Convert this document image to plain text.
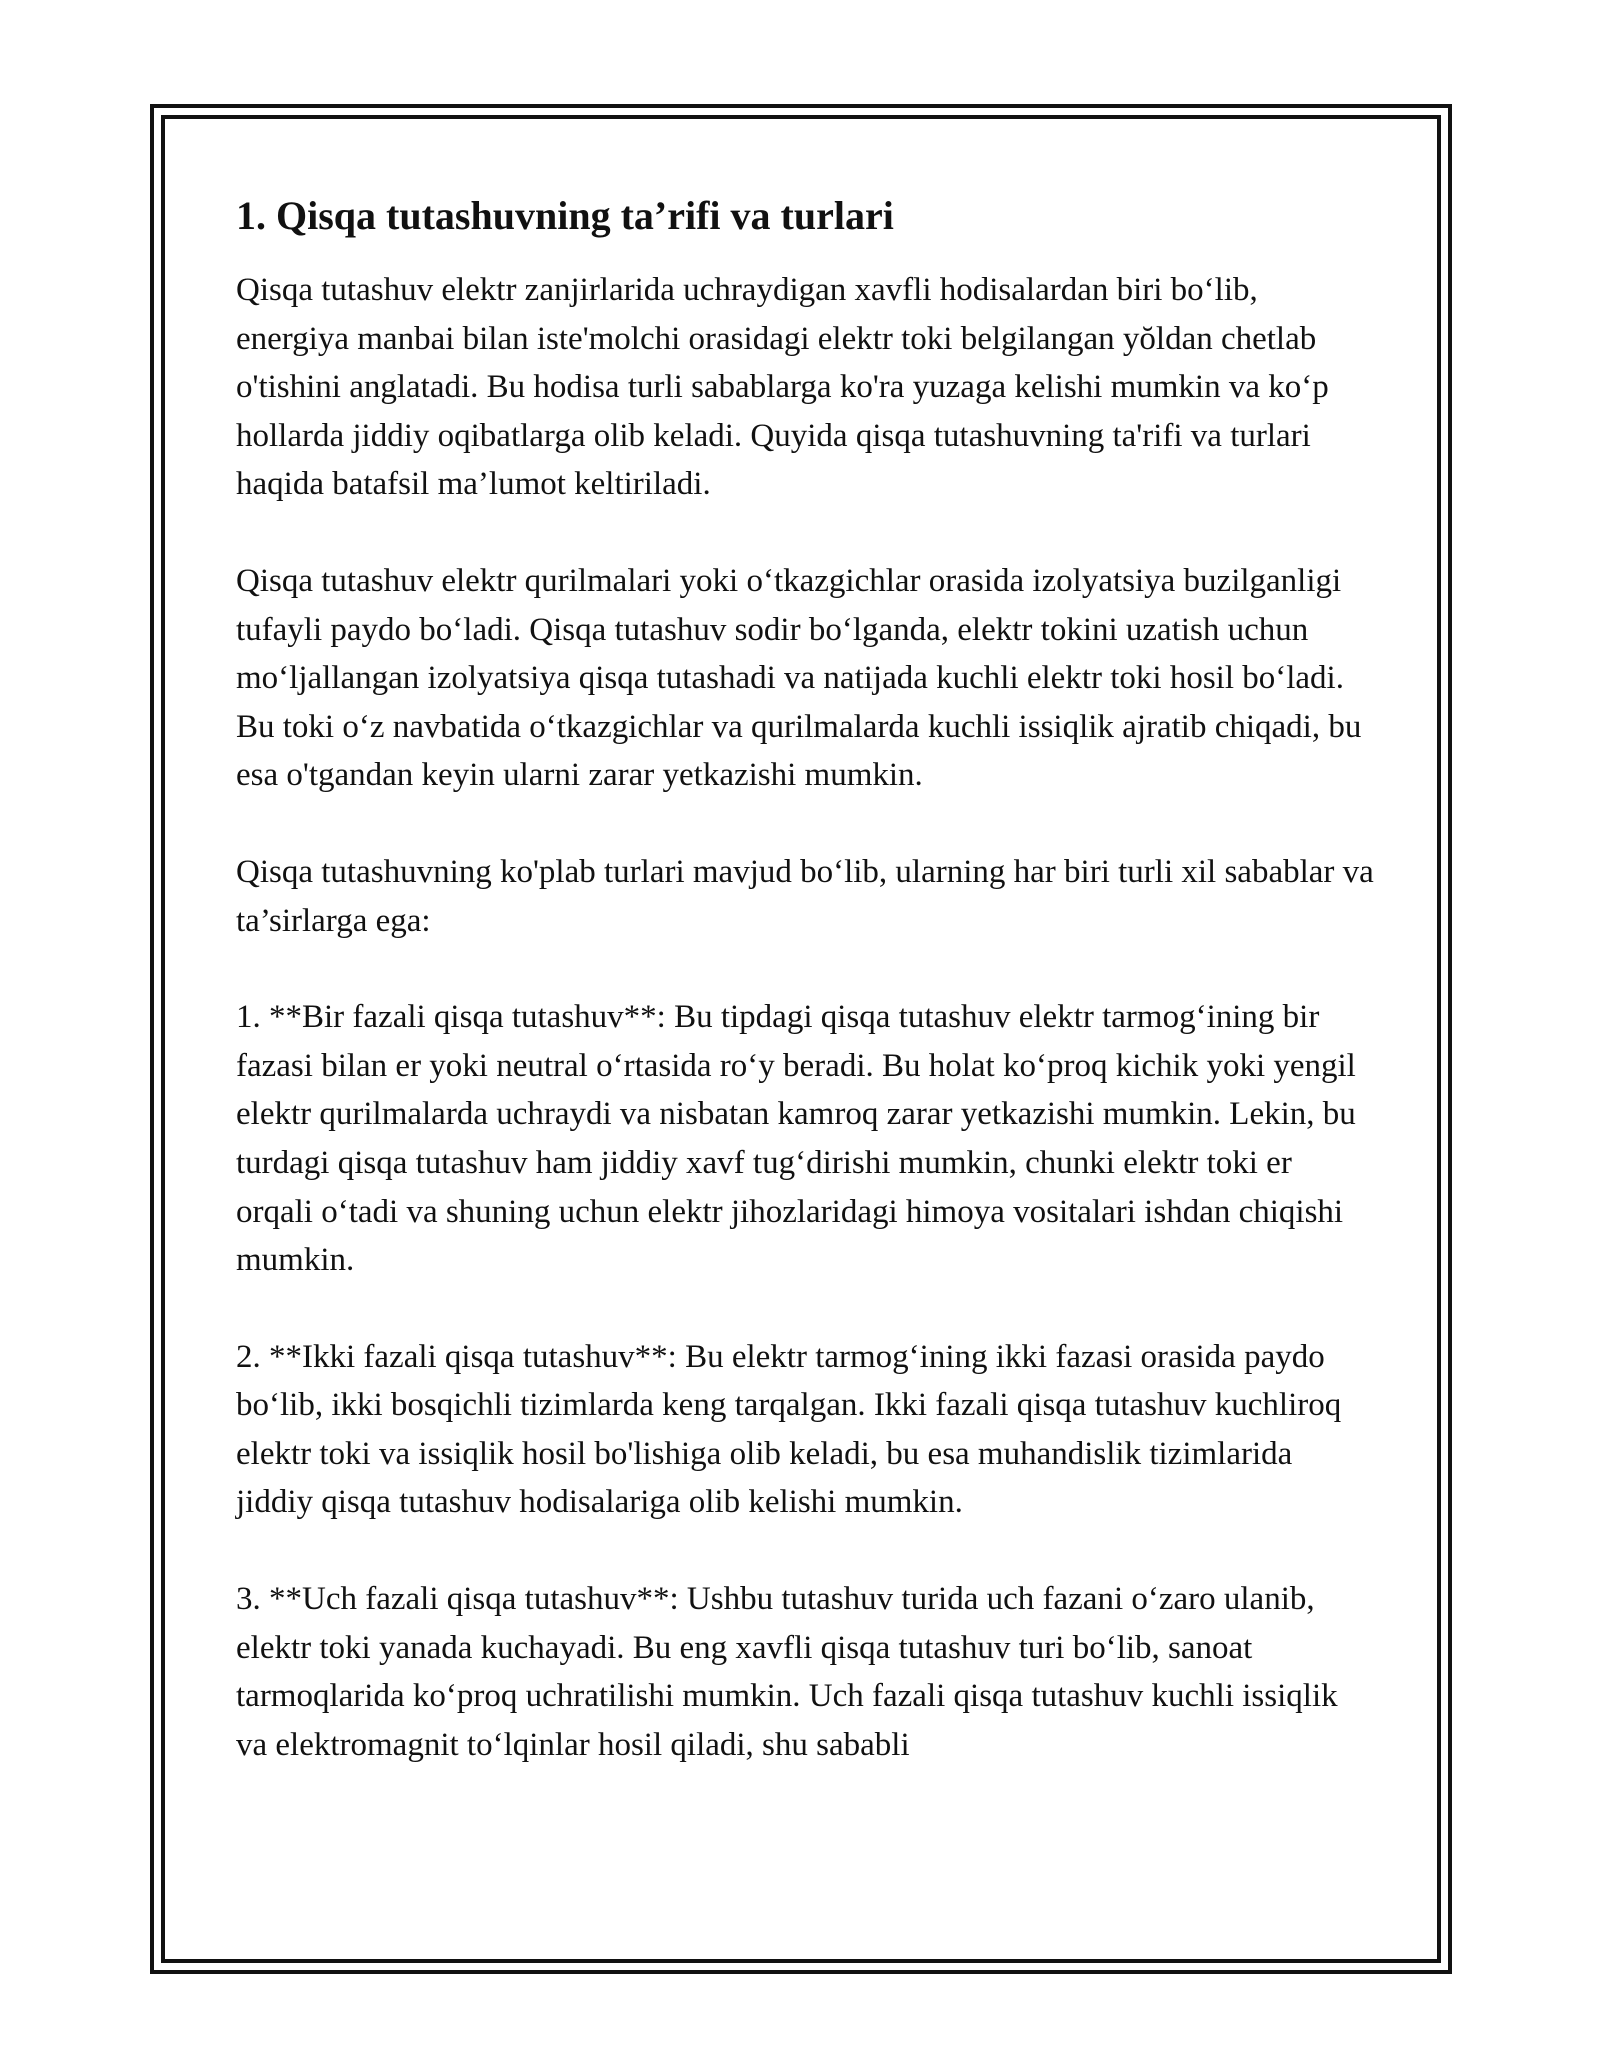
1. Qisqa tutashuvning ta’rifi va turlari

Qisqa tutashuv elektr zanjirlarida uchraydigan xavfli hodisalardan biri bo‘lib, energiya manbai bilan iste'molchi orasidagi elektr toki belgilangan yŏldan chetlab o'tishini anglatadi. Bu hodisa turli sabablarga ko'ra yuzaga kelishi mumkin va ko‘p hollarda jiddiy oqibatlarga olib keladi. Quyida qisqa tutashuvning ta'rifi va turlari haqida batafsil ma’lumot keltiriladi.

Qisqa tutashuv elektr qurilmalari yoki o‘tkazgichlar orasida izolyatsiya buzilganligi tufayli paydo bo‘ladi. Qisqa tutashuv sodir bo‘lganda, elektr tokini uzatish uchun mo‘ljallangan izolyatsiya qisqa tutashadi va natijada kuchli elektr toki hosil bo‘ladi. Bu toki o‘z navbatida o‘tkazgichlar va qurilmalarda kuchli issiqlik ajratib chiqadi, bu esa o'tgandan keyin ularni zarar yetkazishi mumkin.

Qisqa tutashuvning ko'plab turlari mavjud bo‘lib, ularning har biri turli xil sabablar va ta’sirlarga ega:

1. **Bir fazali qisqa tutashuv**: Bu tipdagi qisqa tutashuv elektr tarmog‘ining bir fazasi bilan er yoki neutral o‘rtasida ro‘y beradi. Bu holat ko‘proq kichik yoki yengil elektr qurilmalarda uchraydi va nisbatan kamroq zarar yetkazishi mumkin. Lekin, bu turdagi qisqa tutashuv ham jiddiy xavf tug‘dirishi mumkin, chunki elektr toki er orqali o‘tadi va shuning uchun elektr jihozlaridagi himoya vositalari ishdan chiqishi mumkin.

2. **Ikki fazali qisqa tutashuv**: Bu elektr tarmog‘ining ikki fazasi orasida paydo bo‘lib, ikki bosqichli tizimlarda keng tarqalgan. Ikki fazali qisqa tutashuv kuchliroq elektr toki va issiqlik hosil bo'lishiga olib keladi, bu esa muhandislik tizimlarida jiddiy qisqa tutashuv hodisalariga olib kelishi mumkin.

3. **Uch fazali qisqa tutashuv**: Ushbu tutashuv turida uch fazani o‘zaro ulanib, elektr toki yanada kuchayadi. Bu eng xavfli qisqa tutashuv turi bo‘lib, sanoat tarmoqlarida ko‘proq uchratilishi mumkin. Uch fazali qisqa tutashuv kuchli issiqlik va elektromagnit to‘lqinlar hosil qiladi, shu sababli
